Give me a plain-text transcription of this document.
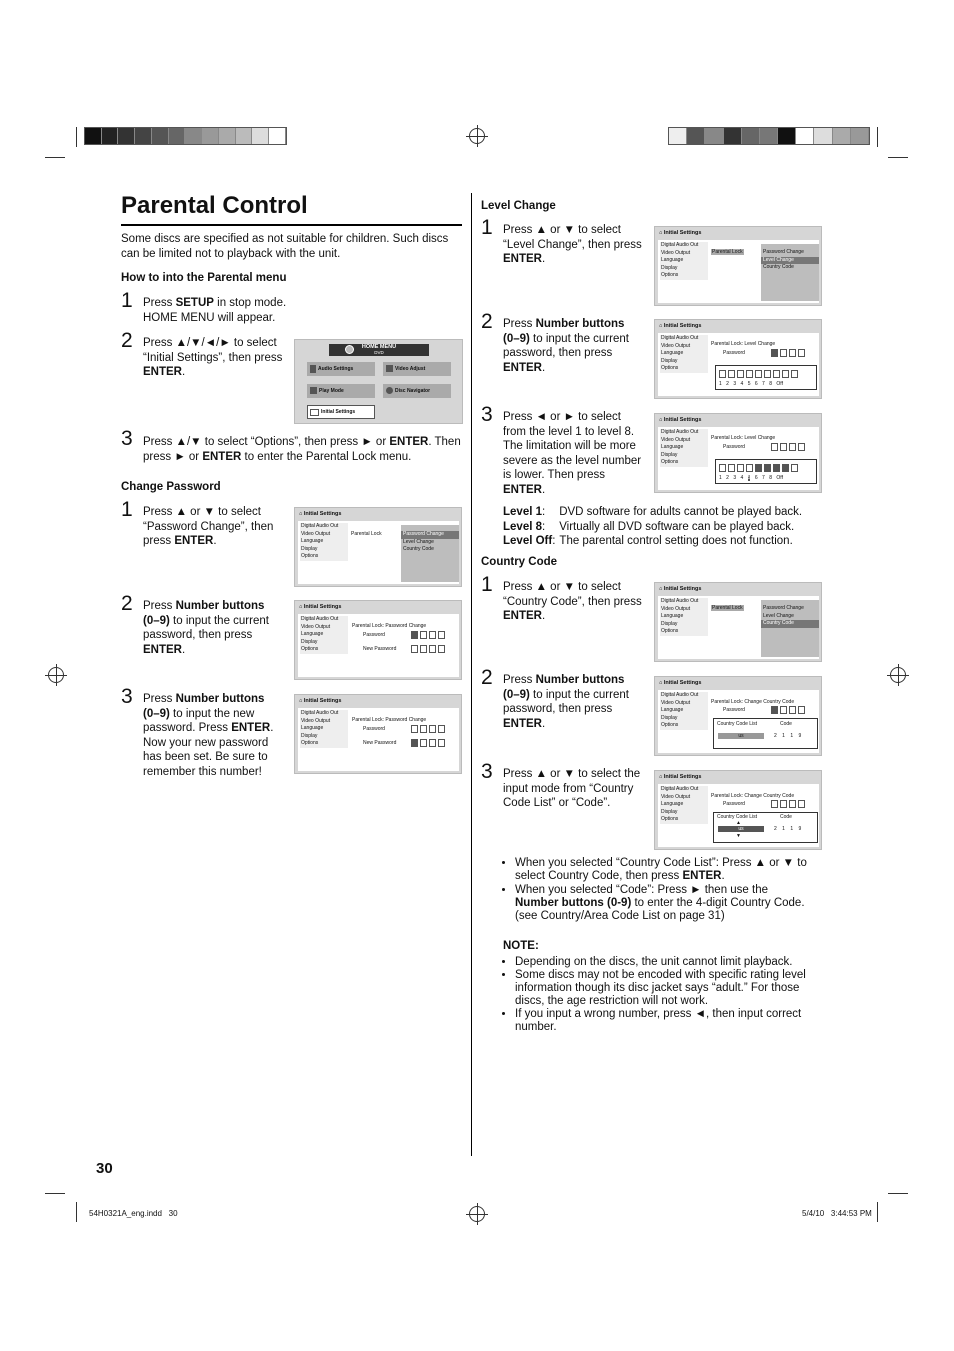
Parental Control
Some discs are specified as not suitable for children. Such discs can be limited not to playback with the unit.
How to into the Parental menu
1 Press SETUP in stop mode. HOME MENU will appear.
2 Press ▲/▼/◄/► to select “Initial Settings”, then press ENTER.
HOME MENU
DVD
Audio Settings	Video Adjust
Play Mode	Disc Navigator
Initial Settings
3 Press ▲/▼ to select “Options”, then press ► or ENTER. Then press ► or ENTER to enter the Parental Lock menu.
Change Password
1 Press ▲ or ▼ to select “Password Change”, then press ENTER.
2 Press Number buttons (0–9) to input the current password, then press ENTER.
3 Press Number buttons (0–9) to input the new password. Press ENTER. Now your new password has been set. Be sure to remember this number!
⌂ Initial Settings
Digital Audio Out
Video Output
Language
Display
Options
Parental Lock	Password Change
Level Change
Country Code
⌂ Initial Settings
Digital Audio Out
Video Output
Language
Display
Options
Parental Lock: Password Change
Password
New Password
⌂ Initial Settings
Digital Audio Out
Video Output
Language
Display
Options
Parental Lock: Password Change
Password
New Password
Level Change
1 Press ▲ or ▼ to select “Level Change”, then press ENTER.
2 Press Number buttons (0–9) to input the current password, then press ENTER.
3 Press ◄ or ► to select from the level 1 to level 8. The limitation will be more severe as the level number is lower. Then press ENTER.
Level 1: DVD software for adults cannot be played back.
Level 8: Virtually all DVD software can be played back.
Level Off: The parental control setting does not function.
Country Code
1 Press ▲ or ▼ to select “Country Code”, then press ENTER.
2 Press Number buttons (0–9) to input the current password, then press ENTER.
3 Press ▲ or ▼ to select the input mode from “Country Code List” or “Code”.
⌂ Initial Settings
Digital Audio Out
Video Output
Language
Display
Options
Parental Lock	Password Change
Level Change
Country Code
⌂ Initial Settings
Digital Audio Out
Video Output
Language
Display
Options
Parental Lock: Level Change
Password
1 2 3 4 5 6 7 8 Off
⌂ Initial Settings
Digital Audio Out
Video Output
Language
Display
Options
Parental Lock: Level Change
Password
1 2 3 4 5 6 7 8 Off
⌂ Initial Settings
Digital Audio Out
Video Output
Language
Display
Options
Parental Lock	Password Change
Level Change
Country Code
⌂ Initial Settings
Digital Audio Out
Video Output
Language
Display
Options
Parental Lock: Change Country Code
Password
Country Code List	Code
us	2 1 1 9
⌂ Initial Settings
Digital Audio Out
Video Output
Language
Display
Options
Parental Lock: Change Country Code
Password
Country Code List	Code
▲
us
▼
2 1 1 9
• When you selected “Country Code List”: Press ▲ or ▼ to select Country Code, then press ENTER.
• When you selected “Code”: Press ► then use the Number buttons (0-9) to enter the 4-digit Country Code. (see Country/Area Code List on page 31)
NOTE:
• Depending on the discs, the unit cannot limit playback.
• Some discs may not be encoded with specific rating level information though its disc jacket says “adult.” For those discs, the age restriction will not work.
• If you input a wrong number, press ◄, then input correct number.
30
54H0321A_eng.indd   30	5/4/10   3:44:53 PM
